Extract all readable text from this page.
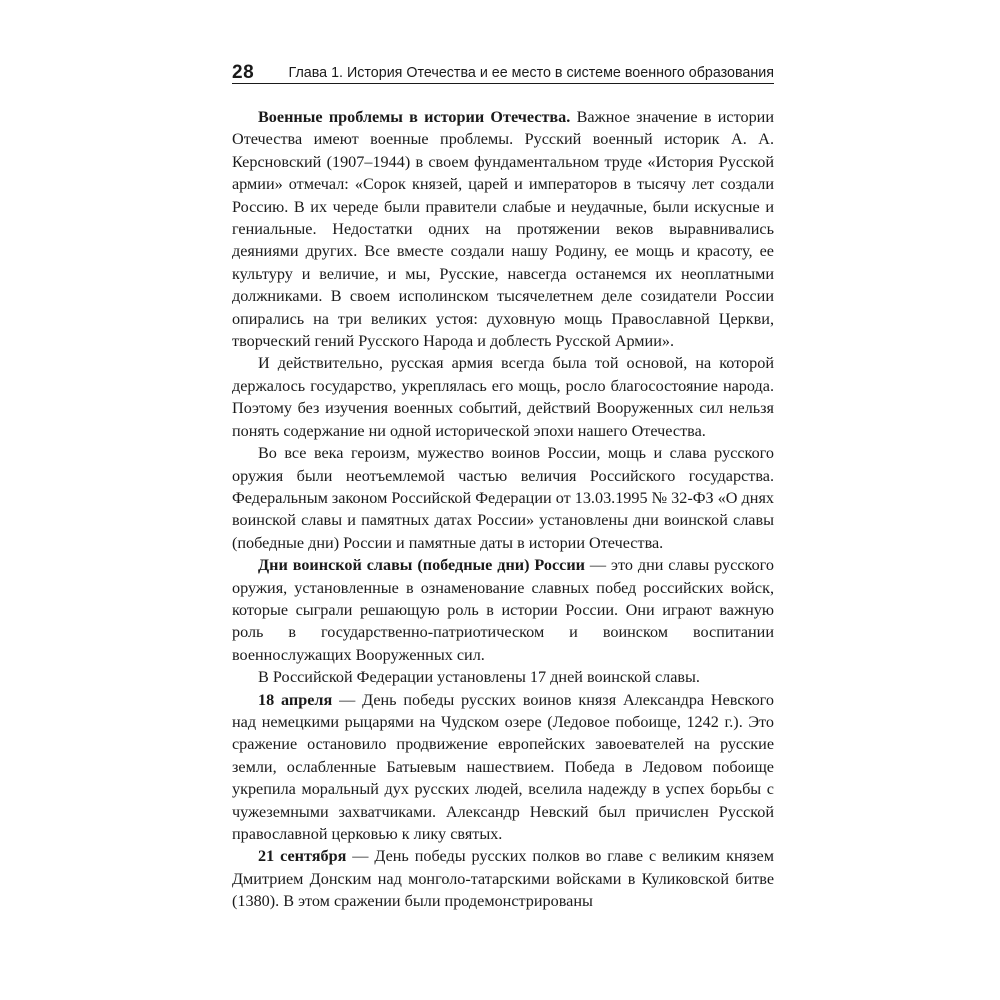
28 Глава 1. История Отечества и ее место в системе военного образования

Военные проблемы в истории Отечества. Важное значение в истории Отечества имеют военные проблемы. Русский военный историк А. А. Керсновский (1907–1944) в своем фундаментальном труде «История Русской армии» отмечал: «Сорок князей, царей и императоров в тысячу лет создали Россию. В их череде были правители слабые и неудачные, были искусные и гениальные. Недостатки одних на протяжении веков выравнивались деяниями других. Все вместе создали нашу Родину, ее мощь и красоту, ее культуру и величие, и мы, Русские, навсегда останемся их неоплатными должниками. В своем исполинском тысячелетнем деле созидатели России опирались на три великих устоя: духовную мощь Православной Церкви, творческий гений Русского Народа и доблесть Русской Армии».

И действительно, русская армия всегда была той основой, на которой держалось государство, укреплялась его мощь, росло благосостояние народа. Поэтому без изучения военных событий, действий Вооруженных сил нельзя понять содержание ни одной исторической эпохи нашего Отечества.

Во все века героизм, мужество воинов России, мощь и слава русского оружия были неотъемлемой частью величия Российского государства. Федеральным законом Российской Федерации от 13.03.1995 № 32-ФЗ «О днях воинской славы и памятных датах России» установлены дни воинской славы (победные дни) России и памятные даты в истории Отечества.

Дни воинской славы (победные дни) России — это дни славы русского оружия, установленные в ознаменование славных побед российских войск, которые сыграли решающую роль в истории России. Они играют важную роль в государственно-патриотическом и воинском воспитании военнослужащих Вооруженных сил.

В Российской Федерации установлены 17 дней воинской славы.

18 апреля — День победы русских воинов князя Александра Невского над немецкими рыцарями на Чудском озере (Ледовое побоище, 1242 г.). Это сражение остановило продвижение европейских завоевателей на русские земли, ослабленные Батыевым нашествием. Победа в Ледовом побоище укрепила моральный дух русских людей, вселила надежду в успех борьбы с чужеземными захватчиками. Александр Невский был причислен Русской православной церковью к лику святых.

21 сентября — День победы русских полков во главе с великим князем Дмитрием Донским над монголо-татарскими войсками в Куликовской битве (1380). В этом сражении были продемонстрированы
